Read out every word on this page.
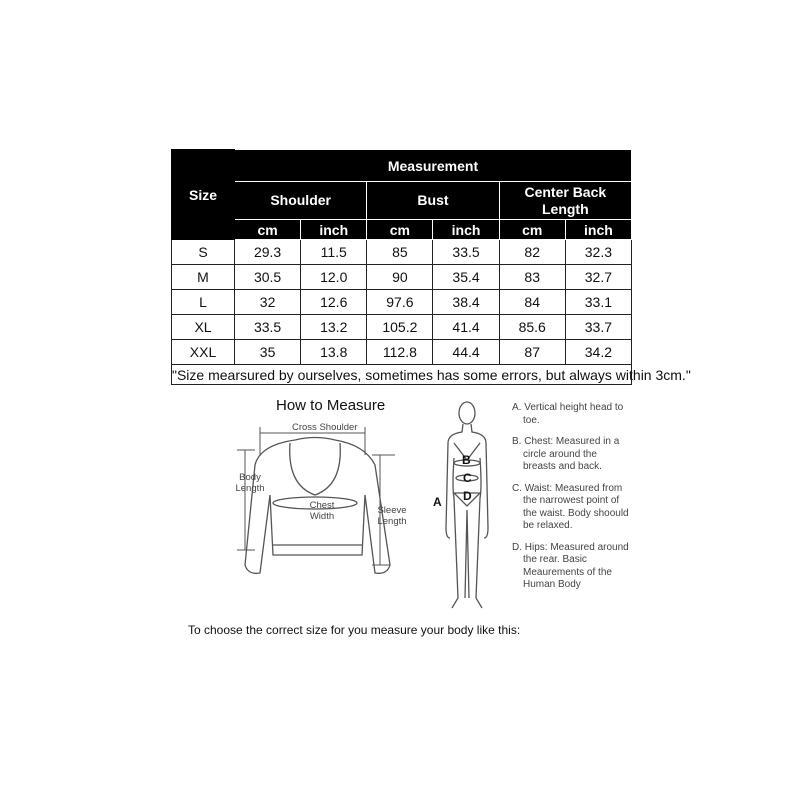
Size	Measurement					
	Shoulder		Bust		Center Back Length	
	cm	inch	cm	inch	cm	inch
S	29.3	11.5	85	33.5	82	32.3
M	30.5	12.0	90	35.4	83	32.7
L	32	12.6	97.6	38.4	84	33.1
XL	33.5	13.2	105.2	41.4	85.6	33.7
XXL	35	13.8	112.8	44.4	87	34.2
"Size mearsured by ourselves, sometimes has some errors, but always within 3cm."						
How to Measure
Cross Shoulder
Body Length
Chest Width
Sleeve Length
B
C
D
A

A. Vertical height head to toe.

B. Chest: Measured in a circle around the breasts and back.

C. Waist: Measured from the narrowest point of the waist. Body shoould be relaxed.

D. Hips: Measured around the rear. Basic Meaurements of the Human Body

To choose the correct size for you measure your body like this:
